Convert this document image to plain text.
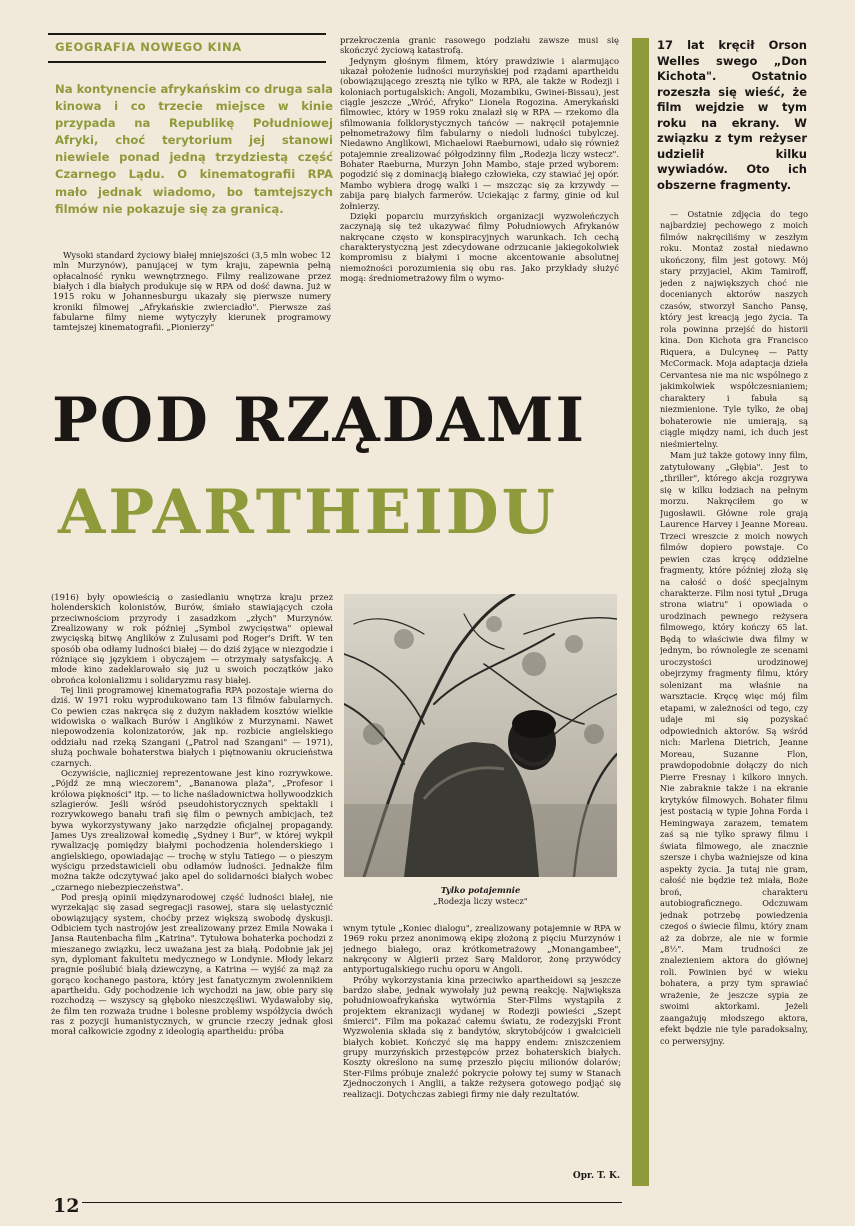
GEOGRAFIA NOWEGO KINA
Na kontynencie afrykańskim co druga sala kinowa i co trzecie miejsce w kinie przypada na Republikę Południowej Afryki, choć terytorium jej stanowi niewiele ponad jedną trzydziestą część Czarnego Lądu. O kinematografii RPA mało jednak wiadomo, bo tamtejszych filmów nie pokazuje się za granicą.

Wysoki standard życiowy białej mniejszości (3,5 mln wobec 12 mln Murzynów), panującej w tym kraju, zapewnia pełną opłacalność rynku wewnętrznego. Filmy realizowane przez białych i dla białych produkuje się w RPA od dość dawna. Już w 1915 roku w Johannesburgu ukazały się pierwsze numery kroniki filmowej „Afrykańskie zwierciadło". Pierwsze zaś fabularne filmy nieme wytyczyły kierunek programowy tamtejszej kinematografii. „Pionierzy"

przekroczenia granic rasowego podziału zawsze musi się skończyć życiową katastrofą.

Jedynym głośnym filmem, który prawdziwie i alarmująco ukazał położenie ludności murzyńskiej pod rządami apartheidu (obowiązującego zresztą nie tylko w RPA, ale także w Rodezji i koloniach portugalskich: Angoli, Mozambiku, Gwinei-Bissau), jest ciągle jeszcze „Wróć, Afryko" Lionela Rogozina. Amerykański filmowiec, który w 1959 roku znalazł się w RPA — rzekomo dla sfilmowania folklorystycznych tańców — nakręcił potajemnie pełnometrażowy film fabularny o niedoli ludności tubylczej. Niedawno Anglikowi, Michaelowi Raeburnowi, udało się również potajemnie zrealizować półgodzinny film „Rodezja liczy wstecz". Bohater Raeburna, Murzyn John Mambo, staje przed wyborem: pogodzić się z dominacją białego człowieka, czy stawiać jej opór. Mambo wybiera drogę walki i — mszcząc się za krzywdy — zabija parę białych farmerów. Uciekając z farmy, ginie od kul żołnierzy.

Dzięki poparciu murzyńskich organizacji wyzwoleńczych zaczynają się też ukazywać filmy Południowych Afrykanów nakręcane często w konspiracyjnych warunkach. Ich cechą charakterystyczną jest zdecydowane odrzucanie jakiegokolwiek kompromisu z białymi i mocne akcentowanie absolutnej niemożności porozumienia się obu ras. Jako przykłady służyć mogą: średniometrażowy film o wymo-

POD RZĄDAMI
APARTHEIDU

(1916) były opowieścią o zasiedlaniu wnętrza kraju przez holenderskich kolonistów, Burów, śmiało stawiających czoła przeciwnościom przyrody i zasadzkom „złych" Murzynów. Zrealizowany w rok później „Symbol zwycięstwa" opiewał zwycięską bitwę Anglików z Zulusami pod Roger's Drift. W ten sposób oba odłamy ludności białej — do dziś żyjące w niezgodzie i różniące się językiem i obyczajem — otrzymały satysfakcję. A młode kino zadeklarowało się już u swoich początków jako obrońca kolonializmu i solidaryzmu rasy białej.

Tej linii programowej kinematografia RPA pozostaje wierna do dziś. W 1971 roku wyprodukowano tam 13 filmów fabularnych. Co pewien czas nakręca się z dużym nakładem kosztów wielkie widowiska o walkach Burów i Anglików z Murzynami. Nawet niepowodzenia kolonizatorów, jak np. rozbicie angielskiego oddziału nad rzeką Szangani („Patrol nad Szangani" — 1971), służą pochwale bohaterstwa białych i piętnowaniu okrucieństwa czarnych.

Oczywiście, najliczniej reprezentowane jest kino rozrywkowe. „Pójdź ze mną wieczorem", „Bananowa plaża", „Profesor i królowa piękności" itp. — to liche naśladownictwa hollywoodzkich szlagierów. Jeśli wśród pseudohistorycznych spektakli i rozrywkowego banału trafi się film o pewnych ambicjach, też bywa wykorzystywany jako narzędzie oficjalnej propagandy. James Uys zrealizował komedię „Sydney i Bur", w której wykpił rywalizację pomiędzy białymi pochodzenia holenderskiego i angielskiego, opowiadając — trochę w stylu Tatiego — o pieszym wyścigu przedstawicieli obu odłamów ludności. Jednakże film można także odczytywać jako apel do solidarności białych wobec „czarnego niebezpieczeństwa".

Pod presją opinii międzynarodowej część ludności białej, nie wyrzekając się zasad segregacji rasowej, stara się uelastycznić obowiązujący system, choćby przez większą swobodę dyskusji. Odbiciem tych nastrojów jest zrealizowany przez Emila Nowaka i Jansa Rautenbacha film „Katrina". Tytułowa bohaterka pochodzi z mieszanego związku, lecz uważana jest za białą. Podobnie jak jej syn, dyplomant fakultetu medycznego w Londynie. Młody lekarz pragnie poślubić białą dziewczynę, a Katrina — wyjść za mąż za gorąco kochanego pastora, który jest fanatycznym zwolennikiem apartheidu. Gdy pochodzenie ich wychodzi na jaw, obie pary się rozchodzą — wszyscy są głęboko nieszczęśliwi. Wydawałoby się, że film ten rozważa trudne i bolesne problemy współżycia dwóch ras z pozycji humanistycznych, w gruncie rzeczy jednak głosi morał całkowicie zgodny z ideologią apartheidu: próba

Tylko potajemnie
„Rodezja liczy wstecz"

wnym tytule „Koniec dialogu", zrealizowany potajemnie w RPA w 1969 roku przez anonimową ekipę złożoną z pięciu Murzynów i jednego białego, oraz krótkometrażowy „Monangambee", nakręcony w Algierii przez Sarę Maldoror, żonę przywódcy antyportugalskiego ruchu oporu w Angoli.

Próby wykorzystania kina przeciwko apartheidowi są jeszcze bardzo słabe, jednak wywołały już pewną reakcję. Największa południowoafrykańska wytwórnia Ster-Films wystąpiła z projektem ekranizacji wydanej w Rodezji powieści „Szept śmierci". Film ma pokazać całemu światu, że rodezyjski Front Wyzwolenia składa się z bandytów, skrytobójców i gwałcicieli białych kobiet. Kończyć się ma happy endem: zniszczeniem grupy murzyńskich przestępców przez bohaterskich białych. Koszty określono na sumę przeszło pięciu milionów dolarów; Ster-Films próbuje znaleźć pokrycie połowy tej sumy w Stanach Zjednoczonych i Anglii, a także reżysera gotowego podjąć się realizacji. Dotychczas zabiegi firmy nie dały rezultatów.

Opr. T. K.
17 lat kręcił Orson Welles swego „Don Kichota". Ostatnio rozeszła się wieść, że film wejdzie w tym roku na ekrany. W związku z tym reżyser udzielił kilku wywiadów. Oto ich obszerne fragmenty.

— Ostatnie zdjęcia do tego najbardziej pechowego z moich filmów nakręciliśmy w zeszłym roku. Montaż został niedawno ukończony, film jest gotowy. Mój stary przyjaciel, Akim Tamiroff, jeden z największych choć nie docenianych aktorów naszych czasów, stworzył Sancho Pansę, który jest kreacją jego życia. Ta rola powinna przejść do historii kina. Don Kichota gra Francisco Riquera, a Dulcyneę — Patty McCormack. Moja adaptacja dzieła Cervantesa nie ma nic wspólnego z jakimkolwiek współczesnianiem; charaktery i fabuła są niezmienione. Tyle tylko, że obaj bohaterowie nie umierają, są ciągle między nami, ich duch jest nieśmiertelny.

Mam już także gotowy inny film, zatytułowany „Głębia". Jest to „thriller", którego akcja rozgrywa się w kilku łodziach na pełnym morzu. Nakręciłem go w Jugosławii. Główne role grają Laurence Harvey i Jeanne Moreau. Trzeci wreszcie z moich nowych filmów dopiero powstaje. Co pewien czas kręcę oddzielne fragmenty, które później złożą się na całość o dość specjalnym charakterze. Film nosi tytuł „Druga strona wiatru" i opowiada o urodzinach pewnego reżysera filmowego, który kończy 65 lat. Będą to właściwie dwa filmy w jednym, bo równolegle ze scenami uroczystości urodzinowej obejrzymy fragmenty filmu, który solenizant ma właśnie na warsztacie. Kręcę więc mój film etapami, w zależności od tego, czy udaje mi się pozyskać odpowiednich aktorów. Są wśród nich: Marlena Dietrich, Jeanne Moreau, Suzanne Flon, prawdopodobnie dołączy do nich Pierre Fresnay i kilkoro innych. Nie zabraknie także i na ekranie krytyków filmowych. Bohater filmu jest postacią w typie Johna Forda i Hemingwaya zarazem, tematem zaś są nie tylko sprawy filmu i świata filmowego, ale znacznie szersze i chyba ważniejsze od kina aspekty życia. Ja tutaj nie gram, całość nie będzie też miała, Boże broń, charakteru autobiograficznego. Odczuwam jednak potrzebę powiedzenia czegoś o świecie filmu, który znam aż za dobrze, ale nie w formie „8½". Mam trudności ze znalezieniem aktora do głównej roli. Powinien być w wieku bohatera, a przy tym sprawiać wrażenie, że jeszcze sypia ze swoimi aktorkami. Jeżeli zaangażuję młodszego aktora, efekt będzie nie tyle paradoksalny, co perwersyjny.

12
